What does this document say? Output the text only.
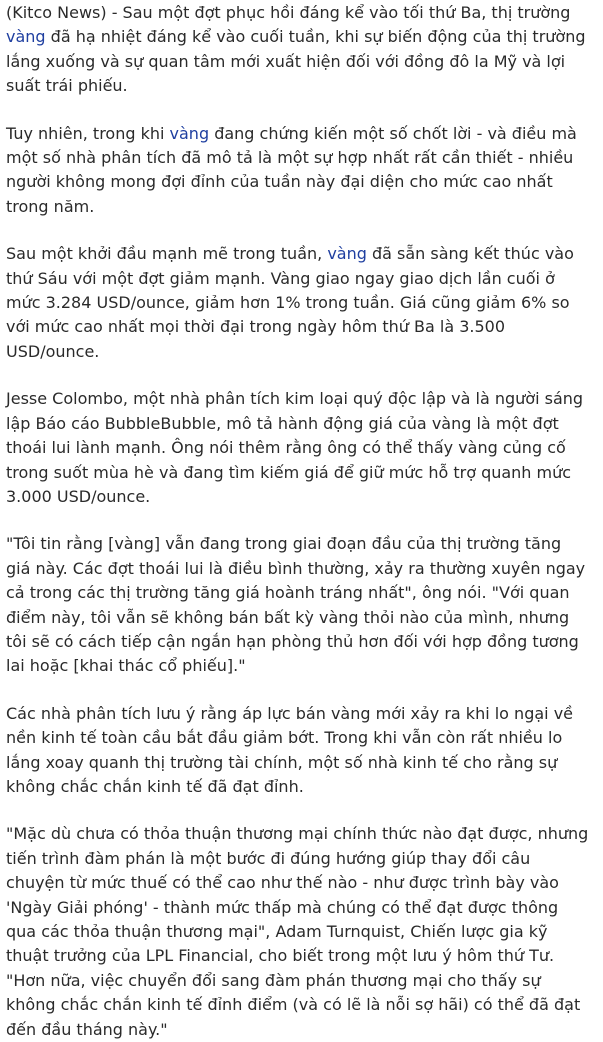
(Kitco News) - Sau một đợt phục hồi đáng kể vào tối thứ Ba, thị trường vàng đã hạ nhiệt đáng kể vào cuối tuần, khi sự biến động của thị trường lắng xuống và sự quan tâm mới xuất hiện đối với đồng đô la Mỹ và lợi suất trái phiếu.

Tuy nhiên, trong khi vàng đang chứng kiến một số chốt lời - và điều mà một số nhà phân tích đã mô tả là một sự hợp nhất rất cần thiết - nhiều người không mong đợi đỉnh của tuần này đại diện cho mức cao nhất trong năm.

Sau một khởi đầu mạnh mẽ trong tuần, vàng đã sẵn sàng kết thúc vào thứ Sáu với một đợt giảm mạnh. Vàng giao ngay giao dịch lần cuối ở mức 3.284 USD/ounce, giảm hơn 1% trong tuần. Giá cũng giảm 6% so với mức cao nhất mọi thời đại trong ngày hôm thứ Ba là 3.500 USD/ounce.

Jesse Colombo, một nhà phân tích kim loại quý độc lập và là người sáng lập Báo cáo BubbleBubble, mô tả hành động giá của vàng là một đợt thoái lui lành mạnh. Ông nói thêm rằng ông có thể thấy vàng củng cố trong suốt mùa hè và đang tìm kiếm giá để giữ mức hỗ trợ quanh mức 3.000 USD/ounce.

"Tôi tin rằng [vàng] vẫn đang trong giai đoạn đầu của thị trường tăng giá này. Các đợt thoái lui là điều bình thường, xảy ra thường xuyên ngay cả trong các thị trường tăng giá hoành tráng nhất", ông nói. "Với quan điểm này, tôi vẫn sẽ không bán bất kỳ vàng thỏi nào của mình, nhưng tôi sẽ có cách tiếp cận ngắn hạn phòng thủ hơn đối với hợp đồng tương lai hoặc [khai thác cổ phiếu]."

Các nhà phân tích lưu ý rằng áp lực bán vàng mới xảy ra khi lo ngại về nền kinh tế toàn cầu bắt đầu giảm bớt. Trong khi vẫn còn rất nhiều lo lắng xoay quanh thị trường tài chính, một số nhà kinh tế cho rằng sự không chắc chắn kinh tế đã đạt đỉnh.

"Mặc dù chưa có thỏa thuận thương mại chính thức nào đạt được, nhưng tiến trình đàm phán là một bước đi đúng hướng giúp thay đổi câu chuyện từ mức thuế có thể cao như thế nào - như được trình bày vào 'Ngày Giải phóng' - thành mức thấp mà chúng có thể đạt được thông qua các thỏa thuận thương mại", Adam Turnquist, Chiến lược gia kỹ thuật trưởng của LPL Financial, cho biết trong một lưu ý hôm thứ Tư. "Hơn nữa, việc chuyển đổi sang đàm phán thương mại cho thấy sự không chắc chắn kinh tế đỉnh điểm (và có lẽ là nỗi sợ hãi) có thể đã đạt đến đầu tháng này."
